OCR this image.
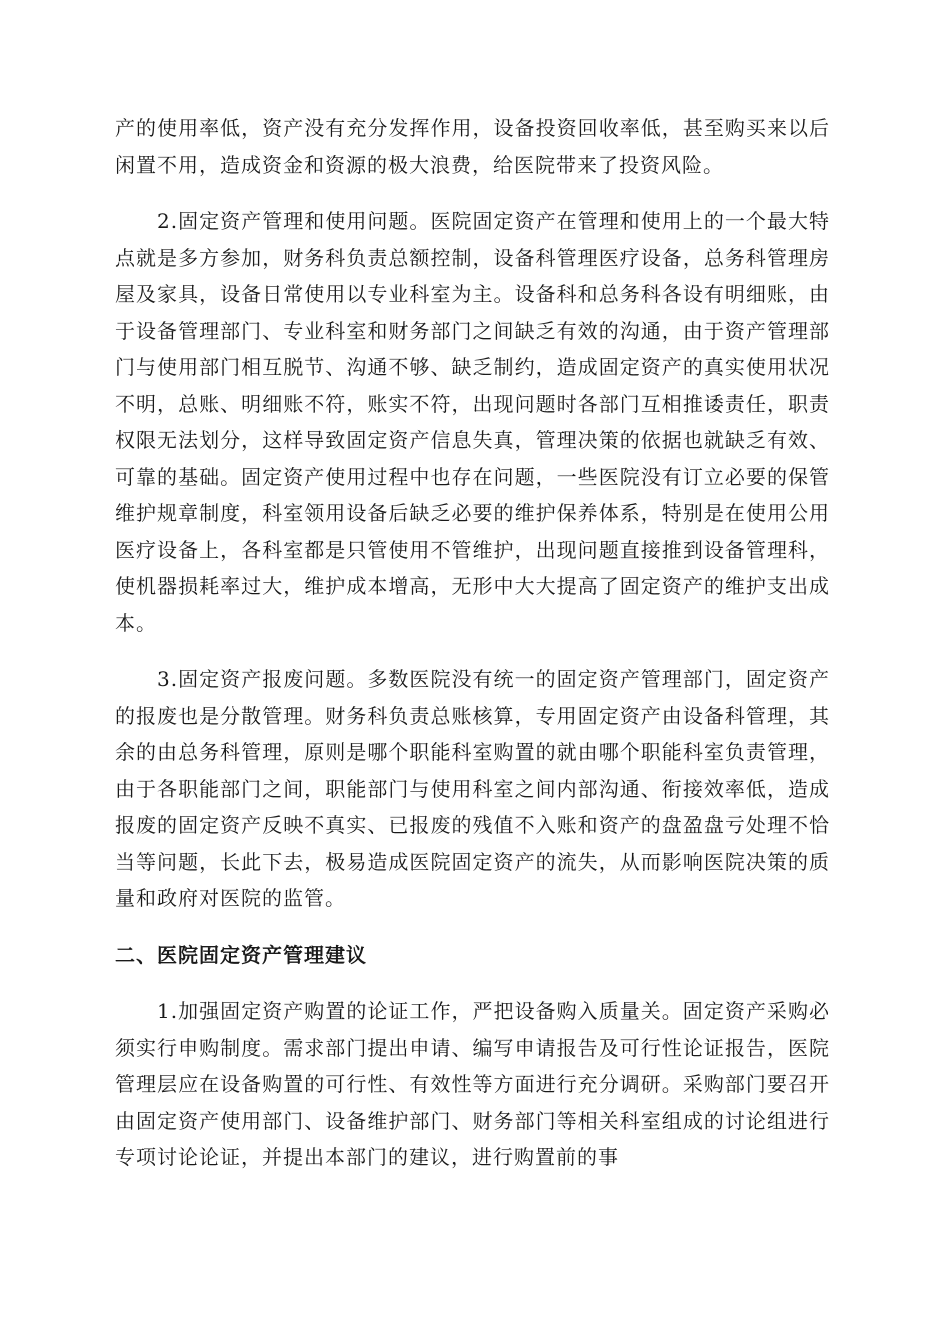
产的使用率低，资产没有充分发挥作用，设备投资回收率低，甚至购买来以后闲置不用，造成资金和资源的极大浪费，给医院带来了投资风险。

2.固定资产管理和使用问题。医院固定资产在管理和使用上的一个最大特点就是多方参加，财务科负责总额控制，设备科管理医疗设备，总务科管理房屋及家具，设备日常使用以专业科室为主。设备科和总务科各设有明细账，由于设备管理部门、专业科室和财务部门之间缺乏有效的沟通，由于资产管理部门与使用部门相互脱节、沟通不够、缺乏制约，造成固定资产的真实使用状况不明，总账、明细账不符，账实不符，出现问题时各部门互相推诿责任，职责权限无法划分，这样导致固定资产信息失真，管理决策的依据也就缺乏有效、可靠的基础。固定资产使用过程中也存在问题，一些医院没有订立必要的保管维护规章制度，科室领用设备后缺乏必要的维护保养体系，特别是在使用公用医疗设备上，各科室都是只管使用不管维护，出现问题直接推到设备管理科，使机器损耗率过大，维护成本增高，无形中大大提高了固定资产的维护支出成本。

3.固定资产报废问题。多数医院没有统一的固定资产管理部门，固定资产的报废也是分散管理。财务科负责总账核算，专用固定资产由设备科管理，其余的由总务科管理，原则是哪个职能科室购置的就由哪个职能科室负责管理，由于各职能部门之间，职能部门与使用科室之间内部沟通、衔接效率低，造成报废的固定资产反映不真实、已报废的残值不入账和资产的盘盈盘亏处理不恰当等问题，长此下去，极易造成医院固定资产的流失，从而影响医院决策的质量和政府对医院的监管。

二、医院固定资产管理建议

1.加强固定资产购置的论证工作，严把设备购入质量关。固定资产采购必须实行申购制度。需求部门提出申请、编写申请报告及可行性论证报告，医院管理层应在设备购置的可行性、有效性等方面进行充分调研。采购部门要召开由固定资产使用部门、设备维护部门、财务部门等相关科室组成的讨论组进行专项讨论论证，并提出本部门的建议，进行购置前的事
